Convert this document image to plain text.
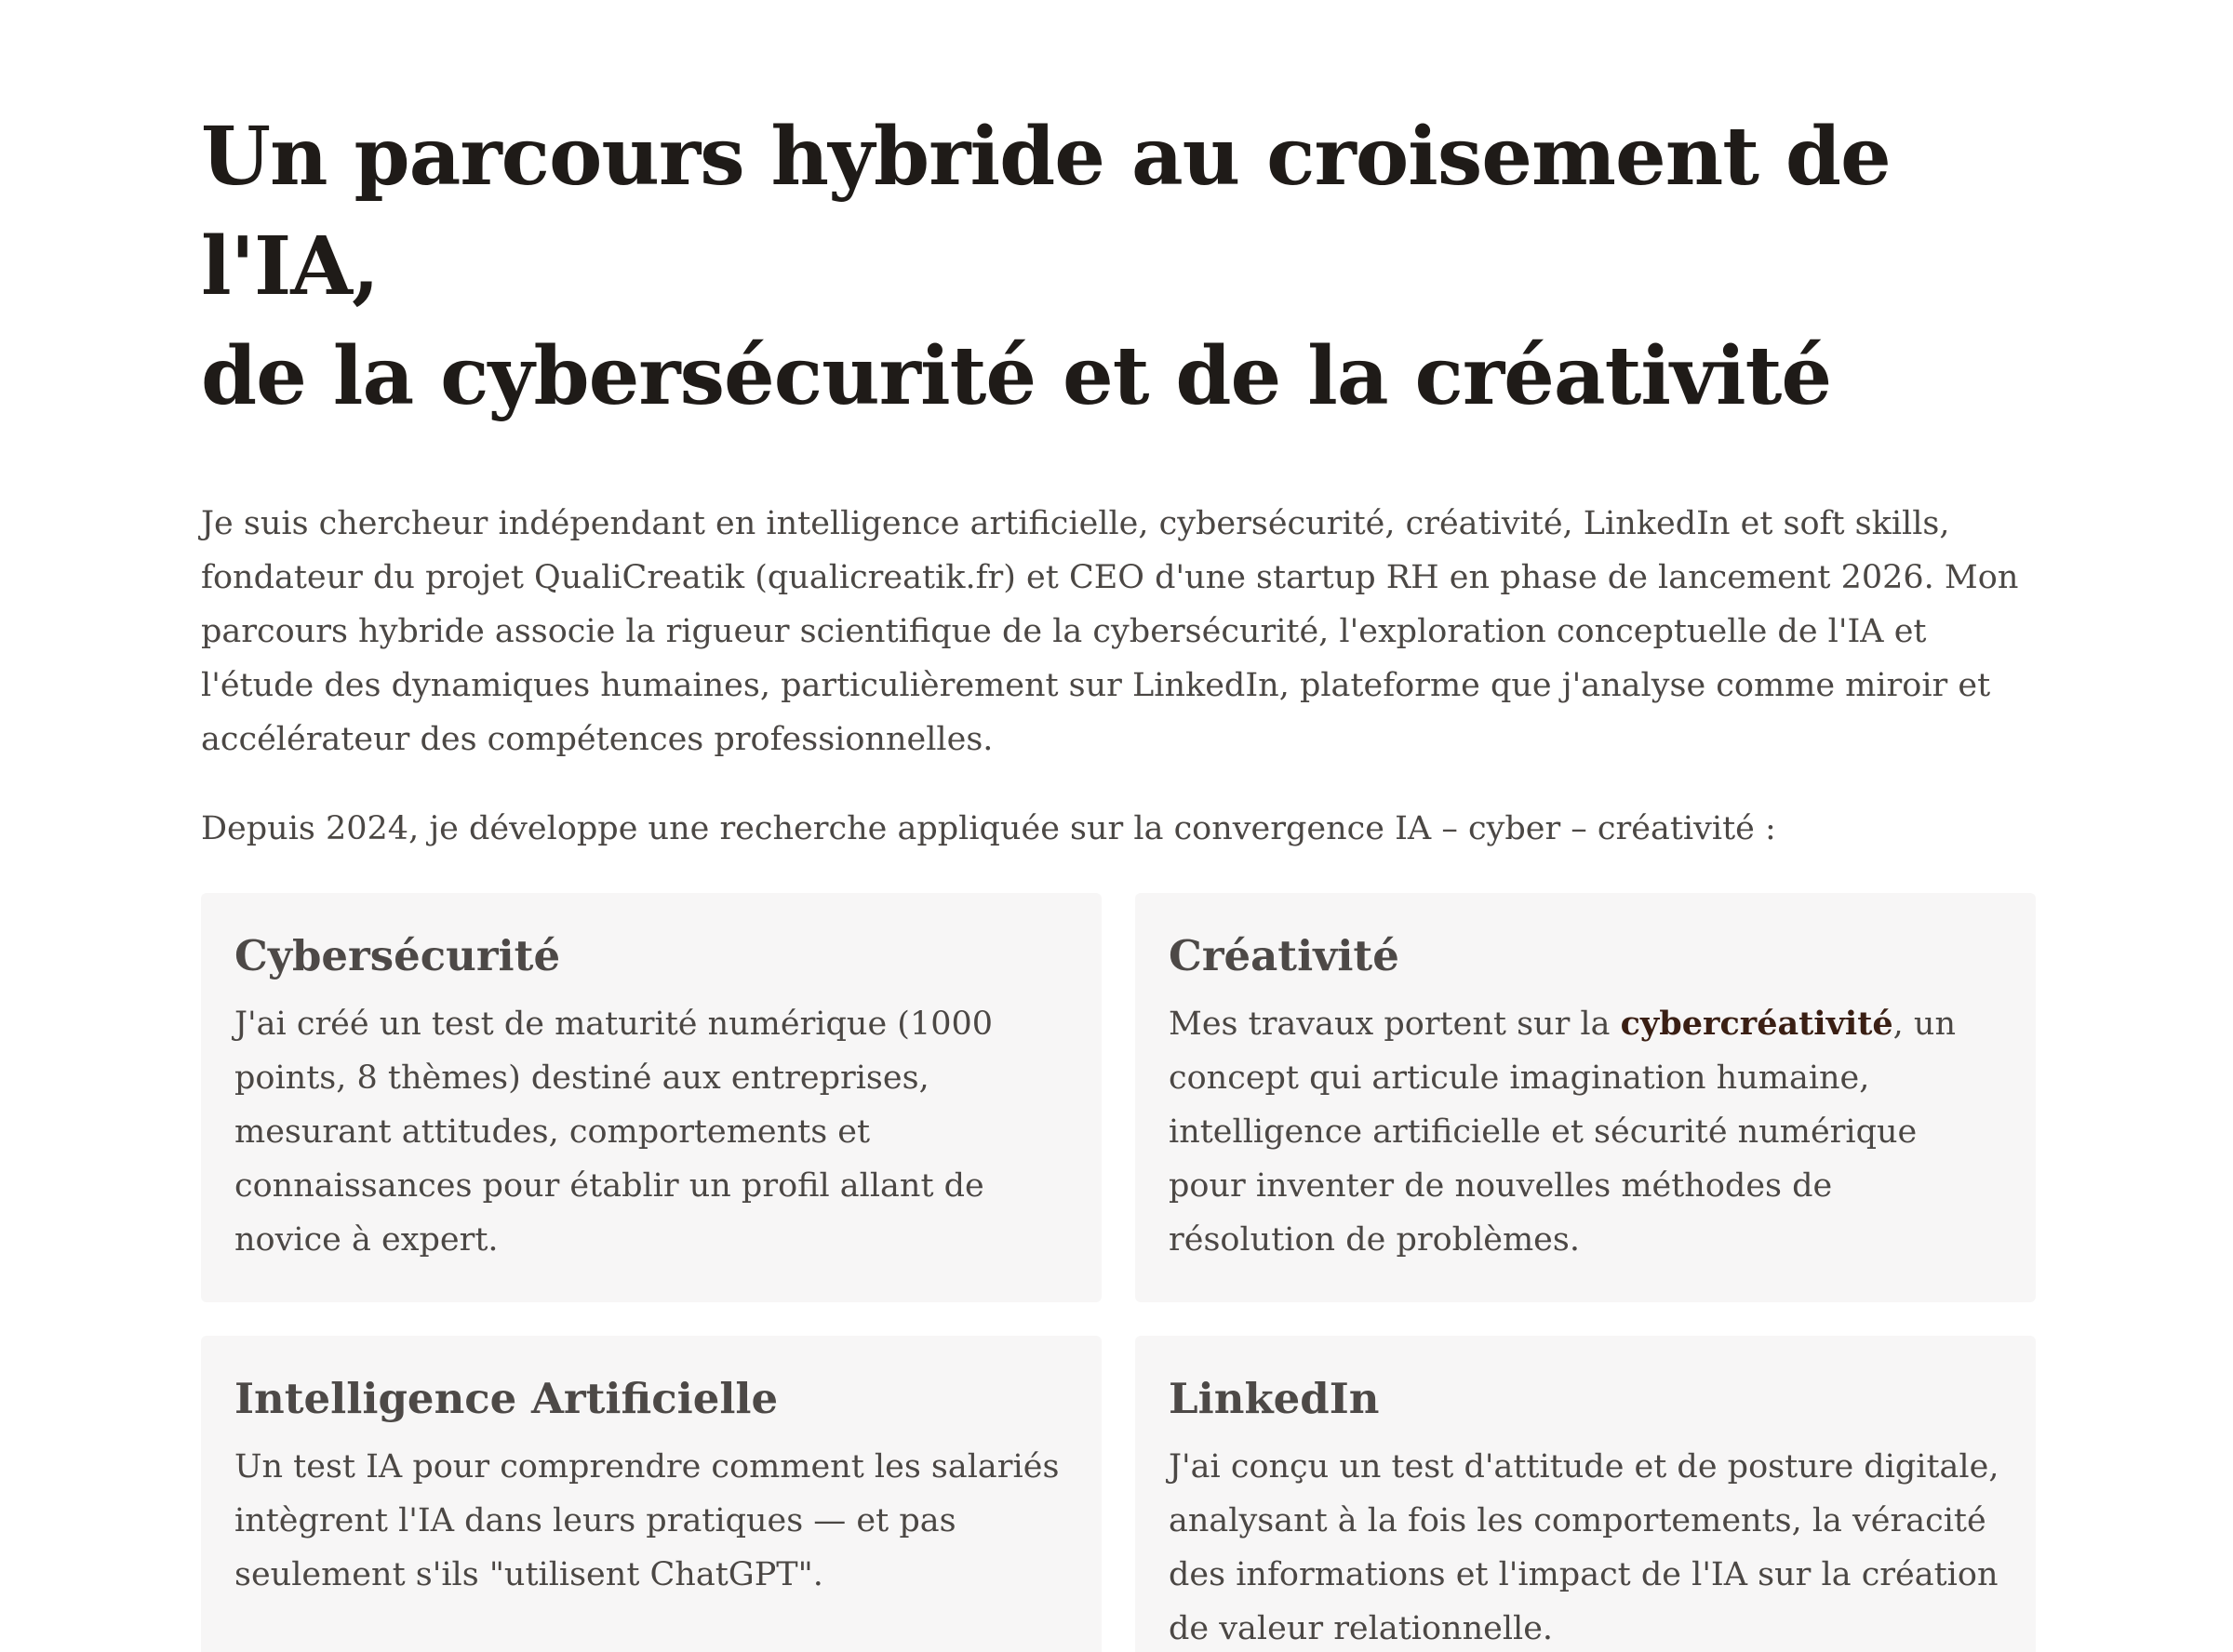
Un parcours hybride au croisement de l'IA,
de la cybersécurité et de la créativité

Je suis chercheur indépendant en intelligence artificielle, cybersécurité, créativité, LinkedIn et soft skills, fondateur du projet QualiCreatik (qualicreatik.fr) et CEO d'une startup RH en phase de lancement 2026. Mon parcours hybride associe la rigueur scientifique de la cybersécurité, l'exploration conceptuelle de l'IA et l'étude des dynamiques humaines, particulièrement sur LinkedIn, plateforme que j'analyse comme miroir et accélérateur des compétences professionnelles.

Depuis 2024, je développe une recherche appliquée sur la convergence IA – cyber – créativité :

Cybersécurité

J'ai créé un test de maturité numérique (1000 points, 8 thèmes) destiné aux entreprises, mesurant attitudes, comportements et connaissances pour établir un profil allant de novice à expert.

Créativité

Mes travaux portent sur la cybercréativité, un concept qui articule imagination humaine, intelligence artificielle et sécurité numérique pour inventer de nouvelles méthodes de résolution de problèmes.

Intelligence Artificielle

Un test IA pour comprendre comment les salariés intègrent l'IA dans leurs pratiques — et pas seulement s'ils "utilisent ChatGPT".

LinkedIn

J'ai conçu un test d'attitude et de posture digitale, analysant à la fois les comportements, la véracité des informations et l'impact de l'IA sur la création de valeur relationnelle.
